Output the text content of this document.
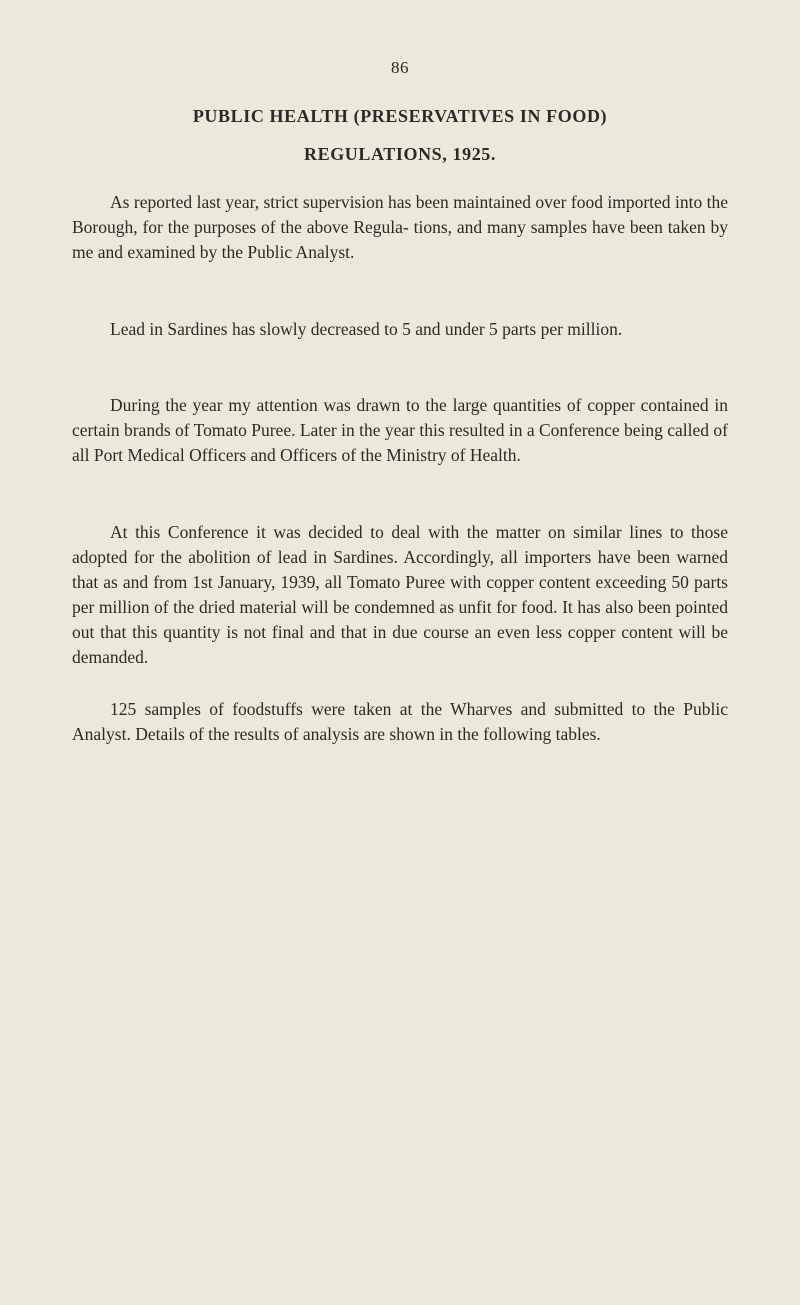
86
PUBLIC HEALTH (PRESERVATIVES IN FOOD)
REGULATIONS, 1925.

As reported last year, strict supervision has been maintained over food imported into the Borough, for the purposes of the above Regula- tions, and many samples have been taken by me and examined by the Public Analyst.

Lead in Sardines has slowly decreased to 5 and under 5 parts per million.

During the year my attention was drawn to the large quantities of copper contained in certain brands of Tomato Puree. Later in the year this resulted in a Conference being called of all Port Medical Officers and Officers of the Ministry of Health.

At this Conference it was decided to deal with the matter on similar lines to those adopted for the abolition of lead in Sardines. Accordingly, all importers have been warned that as and from 1st January, 1939, all Tomato Puree with copper content exceeding 50 parts per million of the dried material will be condemned as unfit for food. It has also been pointed out that this quantity is not final and that in due course an even less copper content will be demanded.

125 samples of foodstuffs were taken at the Wharves and submitted to the Public Analyst. Details of the results of analysis are shown in the following tables.
